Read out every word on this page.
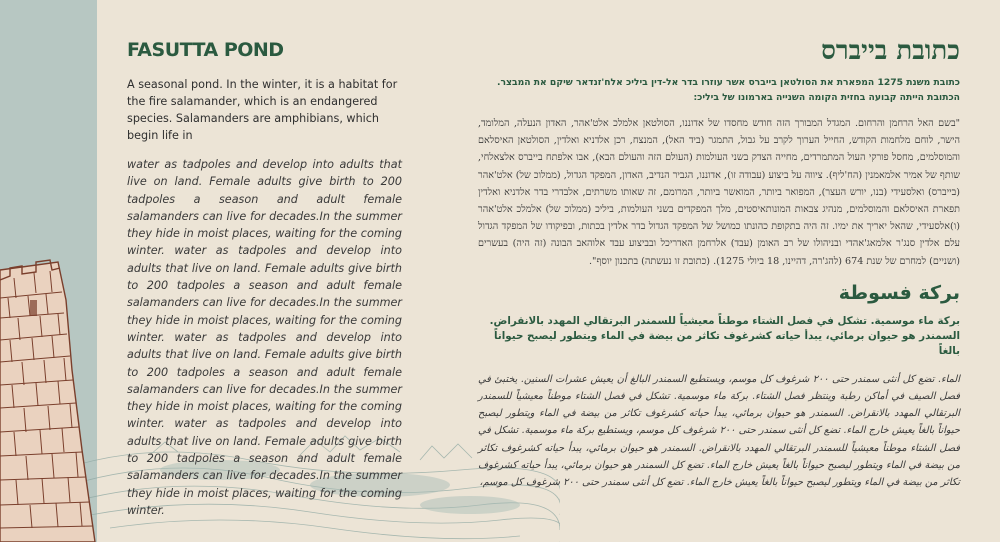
FASUTTA POND

A seasonal pond. In the winter, it is a habitat for the fire salamander, which is an endangered species. Salamanders are amphibians, which begin life in

water as tadpoles and develop into adults that live on land. Female adults give birth to 200 tadpoles a season and adult female salamanders can live for decades.In the summer they hide in moist places, waiting for the coming winter. water as tadpoles and develop into adults that live on land. Female adults give birth to 200 tadpoles a season and adult female salamanders can live for decades.In the summer they hide in moist places, waiting for the coming winter. water as tadpoles and develop into adults that live on land. Female adults give birth to 200 tadpoles a season and adult female salamanders can live for decades.In the summer they hide in moist places, waiting for the coming winter. water as tadpoles and develop into adults that live on land. Female adults give birth to 200 tadpoles a season and adult female salamanders can live for decades.In the summer they hide in moist places, waiting for the coming winter.

כתובת בייברס

כתובת משנת 1275 המפארת את הסולטאן בייברס אשר עוזרו בדר אל-דין ביליכ אלח'זנדאר שיקם את המבצר. הכתובת הייתה קבועה בחזית הקומה השנייה בארמונו של ביליכ:

"בשם האל הרחמן והרחום. המגדל המבורך הזה חודש מחסדו של אדוננו, הסולטאן אלמלכ אלט'אהר, האדון הנעלה, המלומד, הישר, לוחם מלחמות הקודש, החייל הערוך לקרב על גבול, התמגר (ביד האל), המנצח, רכן אלדניא ואלדין, הסולטאן האיסלאם והמוסלמים, מחסל פורקי העול המתמרדים, מחייה הצדק בשני העולמות (העולם הזה והעולם הבא), אבו אלפתח בייברס אלצאלחי, שותף של אמיר אלמאמנין (הח'ליף). ציווה על ביצוע (עבודה זו), אדוננו, הגביר הנדיב, האדון, המפקד הגדול, (ממלוכ של) אלט'אהר (בייברס) ואלסעידי (בנו, יורש העצר), המפואר ביותר, המואשר ביותר, המרומם, זה שאותו משרתים, אלבדרי בדר אלדניא ואלדין תפארת האיסלאם והמוסלמים, מנהיג צבאות המונותאיסטים, מלך המפקדים בשני העולמות, ביליכ (ממלוכ של) אלמלכ אלט'אהר (ו)אלסעידי, שהאל יאריך את ימיו. זה היה בתקופת כהונתו כמושל של המפקד הגדול בדר אלדין בכתות, ובפיקודו של המפקד הגדול עלם אלדין סנג'ר אלמאג'אהדי ובניהולו של רב האומן (עבד) אלרחמן האדריכל ובביצוע עבד אלוהאב הבונה (זה היה) בעשרים (ושניים) למחרם של שנת 674 (להג'רה, דהיינו, 18 ביולי 1275). (כתובת זו נעשתה) בתכנון יוסף".

بركة فسوطة

بركة ماء موسمية. تشكل في فصل الشتاء موطناً معيشياً للسمندر البرتقالي المهدد بالانقراض. السمندر هو حيوان برمائي، يبدأ حياته كشرغوف تكاثر من بيضة في الماء ويتطور ليصبح حيواناً بالغاً

الماء. تضع كل أنثى سمندر حتى ٢٠٠ شرغوف كل موسم، ويستطيع السمندر البالغ أن يعيش عشرات السنين. يختبئ في فصل الصيف في أماكن رطبة وينتظر فصل الشتاء. بركة ماء موسمية. تشكل في فصل الشتاء موطناً معيشياً للسمندر البرتقالي المهدد بالانقراض. السمندر هو حيوان برمائي، يبدأ حياته كشرغوف تكاثر من بيضة في الماء ويتطور ليصبح حيواناً بالغاً يعيش خارج الماء. تضع كل أنثى سمندر حتى ٢٠٠ شرغوف كل موسم، ويستطيع بركة ماء موسمية. تشكل في فصل الشتاء موطناً معيشياً للسمندر البرتقالي المهدد بالانقراض. السمندر هو حيوان برمائي، يبدأ حياته كشرغوف تكاثر من بيضة في الماء ويتطور ليصبح حيواناً بالغاً يعيش خارج الماء. تضع كل السمندر هو حيوان برمائي، يبدأ حياته كشرغوف تكاثر من بيضة في الماء ويتطور ليصبح حيواناً بالغاً يعيش خارج الماء. تضع كل أنثى سمندر حتى ٢٠٠ شرغوف كل موسم،
